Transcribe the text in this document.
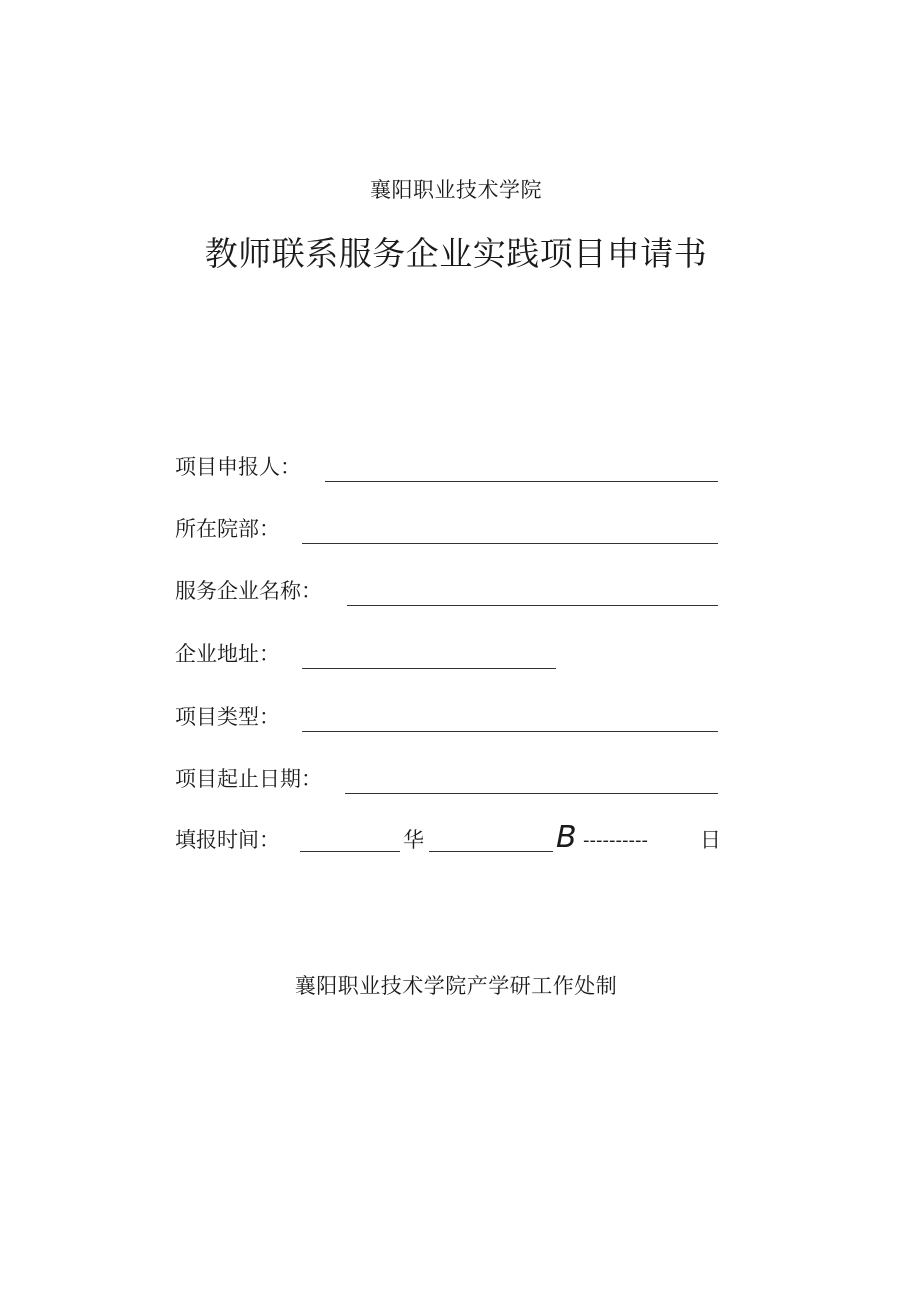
襄阳职业技术学院
教师联系服务企业实践项目申请书
项目申报人：
所在院部：
服务企业名称：
企业地址：
项目类型：
项目起止日期：
填报时间：	华	B ---------- 日
襄阳职业技术学院产学研工作处制
